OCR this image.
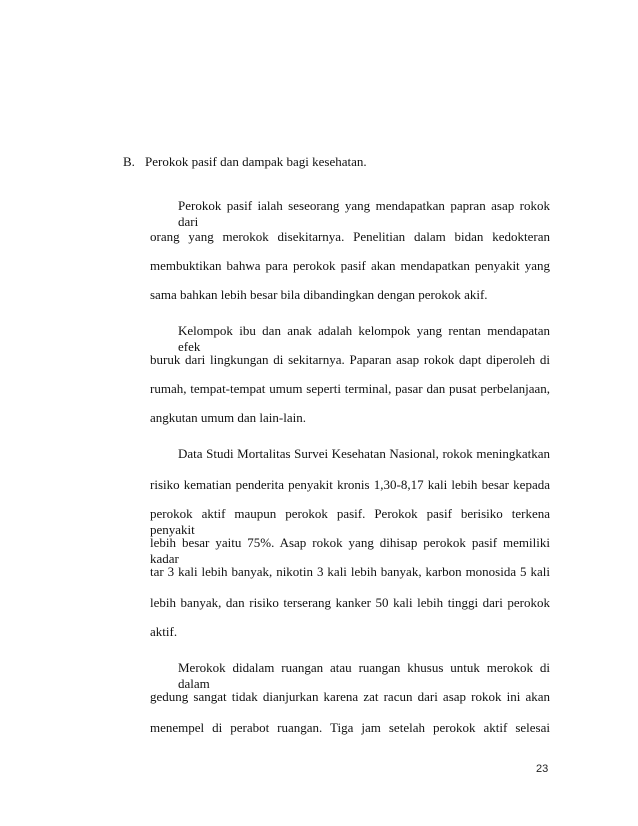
B. Perokok pasif dan dampak bagi kesehatan.
Perokok pasif ialah seseorang yang mendapatkan papran asap rokok dari
orang yang merokok disekitarnya. Penelitian dalam bidan kedokteran
membuktikan bahwa para perokok pasif akan mendapatkan penyakit yang
sama bahkan lebih besar bila dibandingkan dengan perokok akif.
Kelompok ibu dan anak adalah kelompok yang rentan mendapatan efek
buruk dari lingkungan di sekitarnya. Paparan asap rokok dapt diperoleh di
rumah, tempat-tempat umum seperti terminal, pasar dan pusat perbelanjaan,
angkutan umum dan lain-lain.
Data Studi Mortalitas Survei Kesehatan Nasional, rokok meningkatkan
risiko kematian penderita penyakit kronis 1,30-8,17 kali lebih besar kepada
perokok aktif maupun perokok pasif. Perokok pasif berisiko terkena penyakit
lebih besar yaitu 75%. Asap rokok yang dihisap perokok pasif memiliki kadar
tar 3 kali lebih banyak, nikotin 3 kali lebih banyak, karbon monosida 5 kali
lebih banyak, dan risiko terserang kanker 50 kali lebih tinggi dari perokok
aktif.
Merokok didalam ruangan atau ruangan khusus untuk merokok di dalam
gedung sangat tidak dianjurkan karena zat racun dari asap rokok ini akan
menempel di perabot ruangan. Tiga jam setelah perokok aktif selesai
23
